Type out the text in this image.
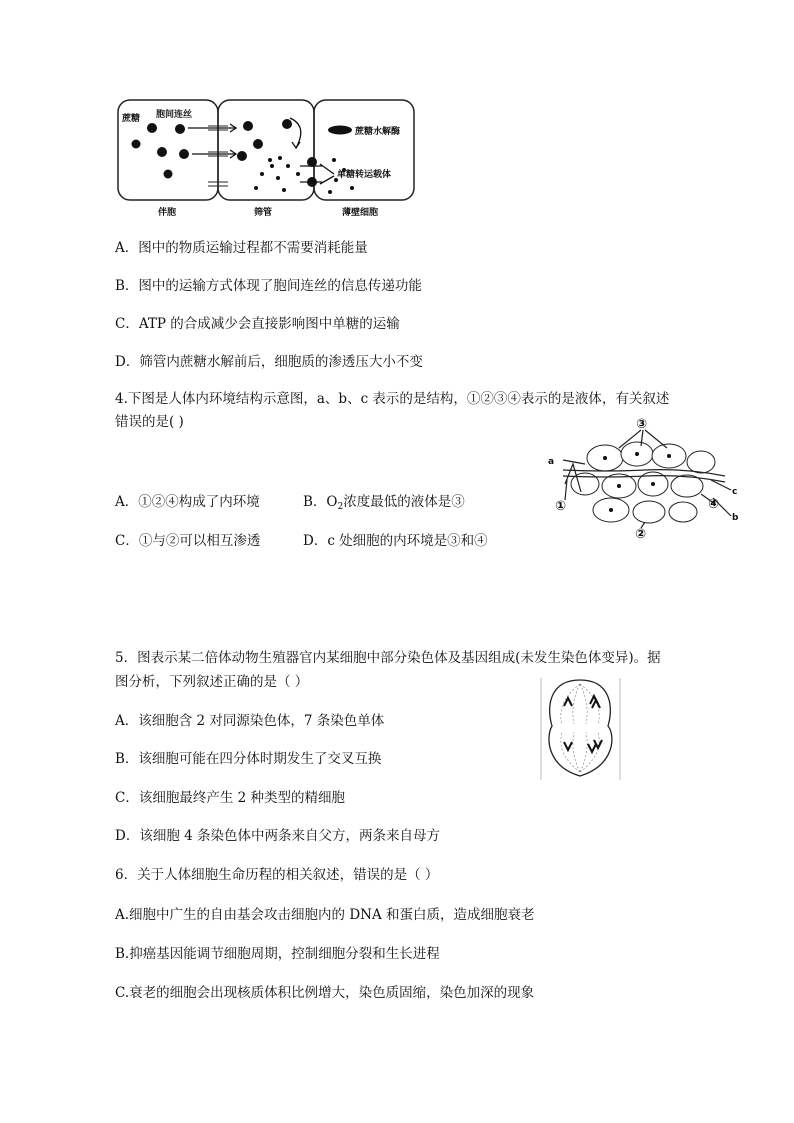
蔗糖 胞间连丝
蔗糖水解酶
单糖转运载体
伴胞	筛管	薄壁细胞
A．图中的物质运输过程都不需要消耗能量
B．图中的运输方式体现了胞间连丝的信息传递功能
C．ATP 的合成减少会直接影响图中单糖的运输
D．筛管内蔗糖水解前后，细胞质的渗透压大小不变
4.下图是人体内环境结构示意图，a、b、c 表示的是结构，①②③④表示的是液体，有关叙述
错误的是( )
a
c
b
③
①
②
④
A．①②④构成了内环境	B．$O_2$浓度最低的液体是③
C．①与②可以相互渗透	D．c 处细胞的内环境是③和④
5．图表示某二倍体动物生殖器官内某细胞中部分染色体及基因组成(未发生染色体变异)。据
图分析，下列叙述正确的是（ ）
A．该细胞含 2 对同源染色体，7 条染色单体
B．该细胞可能在四分体时期发生了交叉互换
C．该细胞最终产生 2 种类型的精细胞
D．该细胞 4 条染色体中两条来自父方，两条来自母方
6．关于人体细胞生命历程的相关叙述，错误的是（ ）
A.细胞中广生的自由基会攻击细胞内的 DNA 和蛋白质，造成细胞衰老
B.抑癌基因能调节细胞周期，控制细胞分裂和生长进程
C.衰老的细胞会出现核质体积比例增大，染色质固缩，染色加深的现象
